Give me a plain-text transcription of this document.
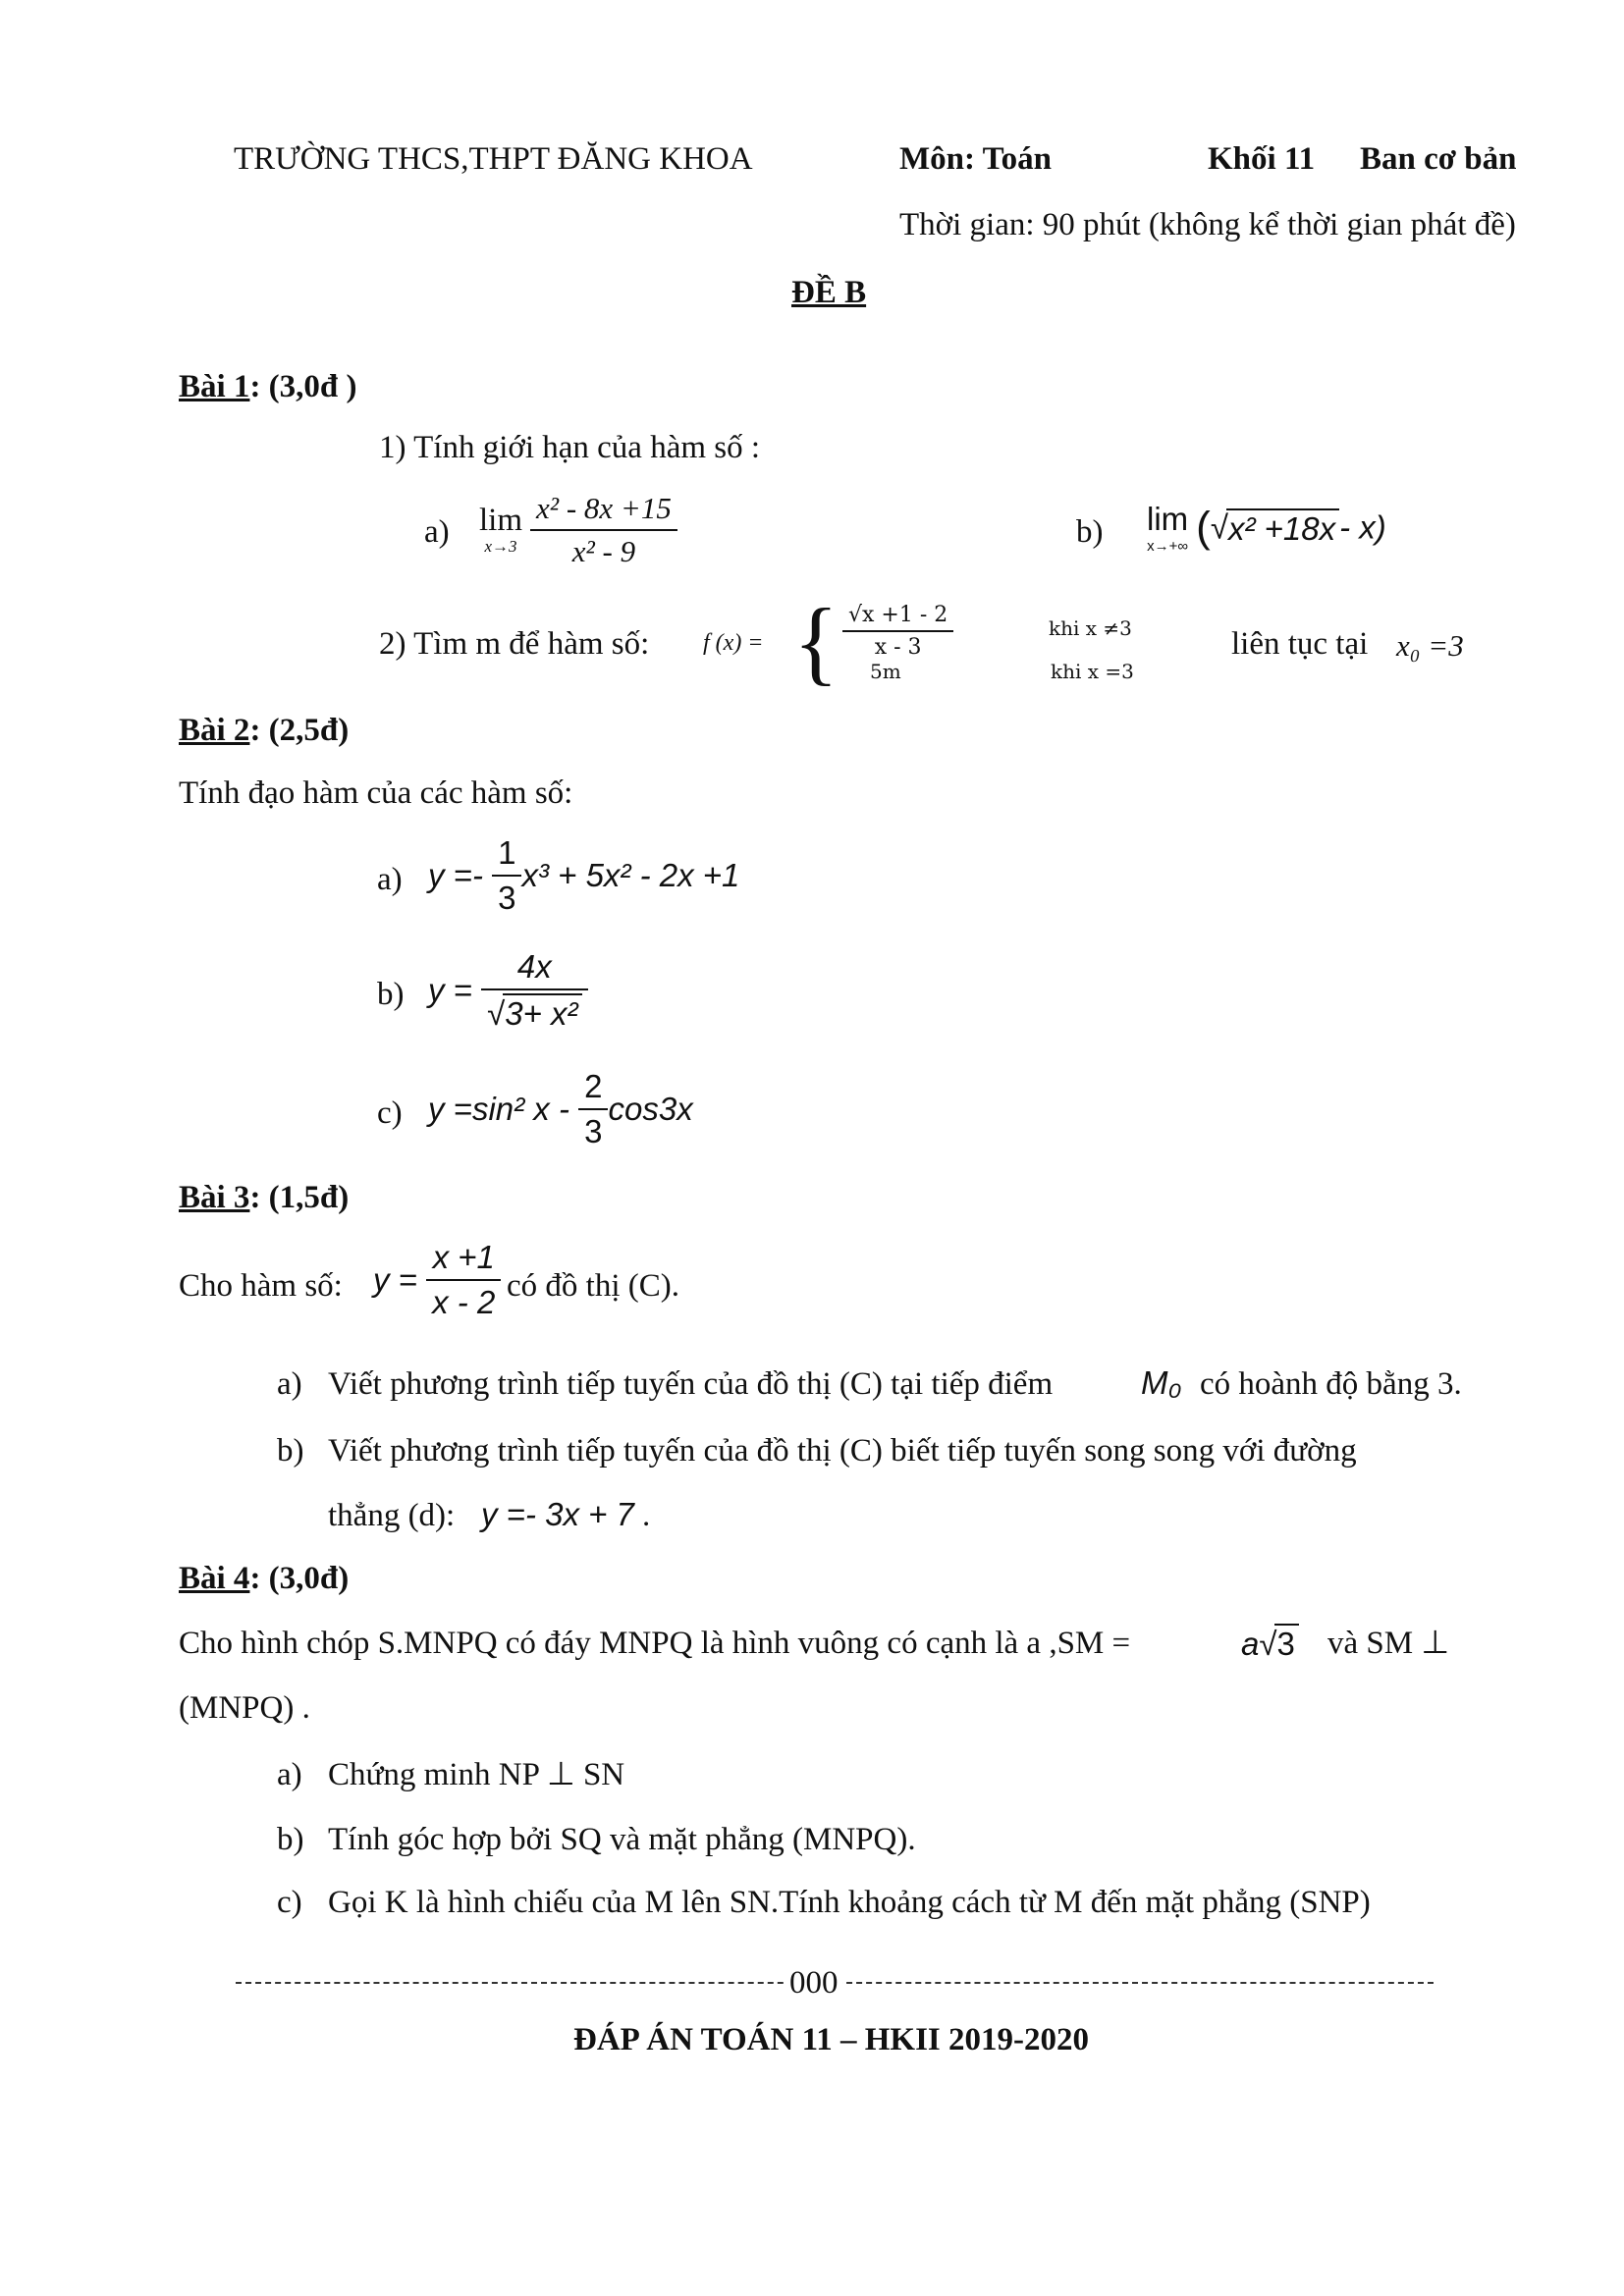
TRƯỜNG THCS,THPT ĐĂNG KHOA	Môn: Toán	Khối 11 Ban cơ bản
Thời gian: 90 phút (không kể thời gian phát đề)
ĐỀ B
Bài 1: (3,0đ )
1) Tính giới hạn của hàm số :
a) lim
x→3
$\frac{\text{x² - 8x +15}}{\text{x² - 9}}$	b) lim
x→+∞ (√x² +18x - x)
2) Tìm m để hàm số: f (x) = { $\frac{√x +1 - 2}{x - 3}$	khi x ≠3
5m	khi x =3
liên tục tại x₀ =3
Bài 2: (2,5đ)
Tính đạo hàm của các hàm số:
a) $y =- \frac{1}{3} x^3 + 5x^2 - 2x +1$
b) $y = \frac{4x}{\text{√3+ x²}}$
c) y =sin² x - $\frac{2}{3} \cos 3x$
Bài 3: (1,5đ)
Cho hàm số: $y = \frac{x +1}{x - 2}$ có đồ thị (C).
a) Viết phương trình tiếp tuyến của đồ thị (C) tại tiếp điểm	M₀ có hoành độ bằng 3.
b) Viết phương trình tiếp tuyến của đồ thị (C) biết tiếp tuyến song song với đường
thẳng (d): y =- 3x + 7 .
Bài 4: (3,0đ)
Cho hình chóp S.MNPQ có đáy MNPQ là hình vuông có cạnh là a ,SM =	a√3 và SM ⊥
(MNPQ) .
a) Chứng minh NP ⊥ SN
b) Tính góc hợp bởi SQ và mặt phẳng (MNPQ).
c) Gọi K là hình chiếu của M lên SN.Tính khoảng cách từ M đến mặt phẳng (SNP)
000
ĐÁP ÁN TOÁN 11 – HKII 2019-2020
